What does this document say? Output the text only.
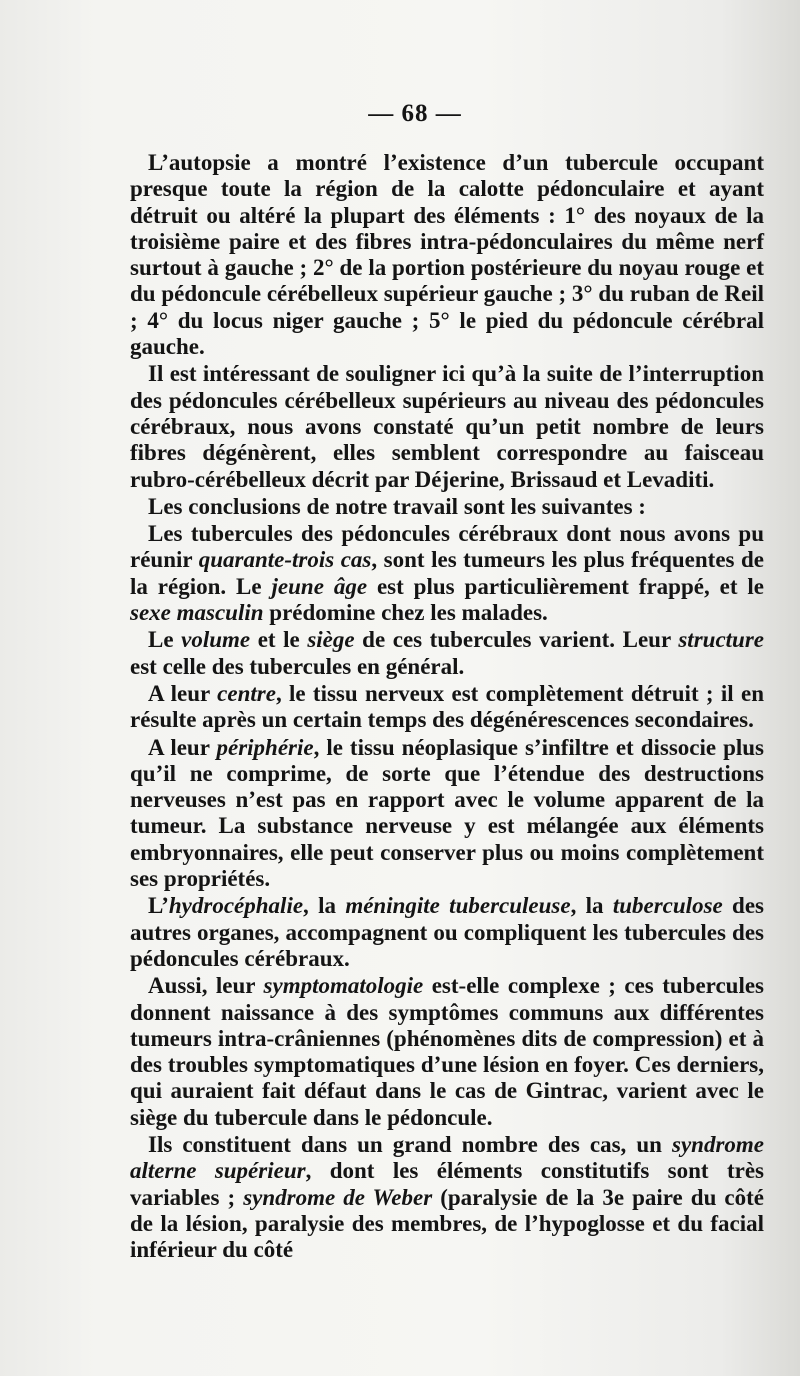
— 68 —

L’autopsie a montré l’existence d’un tubercule occupant presque toute la région de la calotte pédonculaire et ayant détruit ou altéré la plupart des éléments : 1° des noyaux de la troisième paire et des fibres intra-pédonculaires du même nerf surtout à gauche ; 2° de la portion postérieure du noyau rouge et du pédoncule cérébelleux supérieur gauche ; 3° du ruban de Reil ; 4° du locus niger gauche ; 5° le pied du pédoncule cérébral gauche.

Il est intéressant de souligner ici qu’à la suite de l’interruption des pédoncules cérébelleux supérieurs au niveau des pédoncules cérébraux, nous avons constaté qu’un petit nombre de leurs fibres dégénèrent, elles semblent correspondre au faisceau rubro-cérébelleux décrit par Déjerine, Brissaud et Levaditi.

Les conclusions de notre travail sont les suivantes :

Les tubercules des pédoncules cérébraux dont nous avons pu réunir quarante-trois cas, sont les tumeurs les plus fréquentes de la région. Le jeune âge est plus particulièrement frappé, et le sexe masculin prédomine chez les malades.

Le volume et le siège de ces tubercules varient. Leur structure est celle des tubercules en général.

A leur centre, le tissu nerveux est complètement détruit ; il en résulte après un certain temps des dégénérescences secondaires.

A leur périphérie, le tissu néoplasique s’infiltre et dissocie plus qu’il ne comprime, de sorte que l’étendue des destructions nerveuses n’est pas en rapport avec le volume apparent de la tumeur. La substance nerveuse y est mélangée aux éléments embryonnaires, elle peut conserver plus ou moins complètement ses propriétés.

L’hydrocéphalie, la méningite tuberculeuse, la tuberculose des autres organes, accompagnent ou compliquent les tubercules des pédoncules cérébraux.

Aussi, leur symptomatologie est-elle complexe ; ces tubercules donnent naissance à des symptômes communs aux différentes tumeurs intra-crâniennes (phénomènes dits de compression) et à des troubles symptomatiques d’une lésion en foyer. Ces derniers, qui auraient fait défaut dans le cas de Gintrac, varient avec le siège du tubercule dans le pédoncule.

Ils constituent dans un grand nombre des cas, un syndrome alterne supérieur, dont les éléments constitutifs sont très variables ; syndrome de Weber (paralysie de la 3e paire du côté de la lésion, paralysie des membres, de l’hypoglosse et du facial inférieur du côté
